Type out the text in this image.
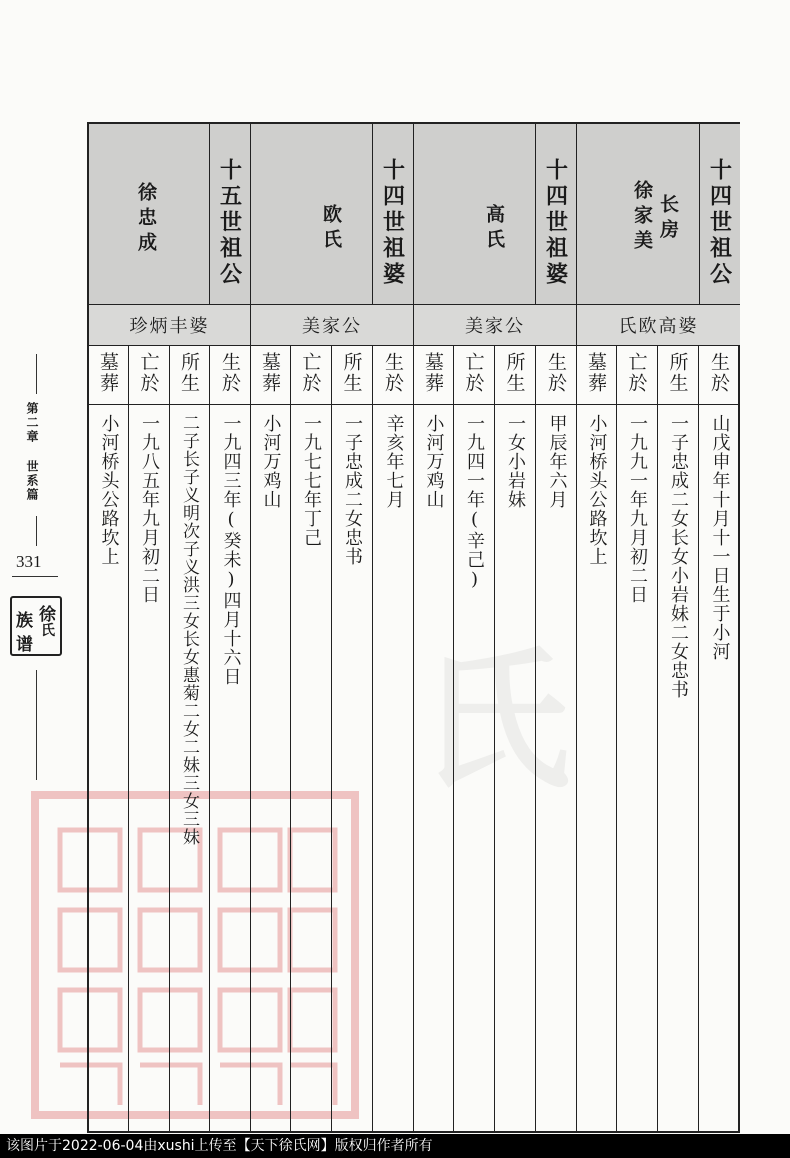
氏
第二章 世系篇
331
徐
氏
族
谱
十四世祖公
长房
徐家美
氏欧高婆
生於
山戊申年十月十一日生于小河
所生
一子忠成二女长女小岩妹二女忠书
亡於
一九九一年九月初二日
墓葬
小河桥头公路坎上
十四世祖婆
高氏
美家公
生於
甲辰年六月
所生
一女小岩妹
亡於
一九四一年(辛己)
墓葬
小河万鸡山
十四世祖婆
欧氏
美家公
生於
辛亥年七月
所生
一子忠成二女忠书
亡於
一九七七年丁己
墓葬
小河万鸡山
十五世祖公
徐忠成
珍炳丰婆
生於
一九四三年(癸未)四月十六日
所生
二子长子义明次子义洪三女长女惠菊二女二妹三女三妹
亡於
一九八五年九月初二日
墓葬
小河桥头公路坎上
该图片于2022-06-04由xushi上传至【天下徐氏网】版权归作者所有
